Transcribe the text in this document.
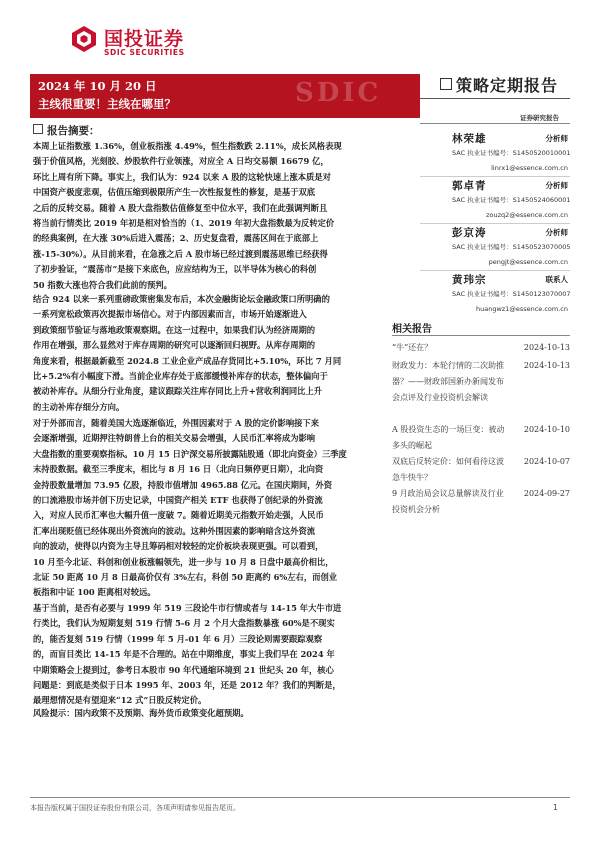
国投证券
SDIC SECURITIES
2024 年 10 月 20 日
主线很重要！主线在哪里？	SDIC	策略定期报告
证券研究报告
报告摘要：
本周上证指数涨 1.36%，创业板指涨 4.49%，恒生指数跌 2.11%，成长风格表现
强于价值风格，光刻胶、炒股软件行业领涨，对应全 A 日均交易额 16679 亿，
环比上周有所下降。事实上，我们认为：924 以来 A 股的这轮快速上涨本质是对
中国资产极度悲观，估值压缩到极限所产生一次性报复性的修复，是基于双底
之后的反转交易。随着 A 股大盘指数估值修复至中位水平，我们在此强调判断且
将当前行情类比 2019 年初是相对恰当的（1、2019 年初大盘指数最为反转定价
的经典案例，在大涨 30%后进入震荡；2、历史复盘看，震荡区间在于底部上
涨-15-30%）。从目前来看，在急涨之后 A 股市场已经过渡到震荡思维已经获得
了初步验证，“震荡市”是接下来底色，应应结构为王，以半导体为核心的科创
50 指数大涨也符合我们此前的预判。
结合 924 以来一系列重磅政策密集发布后，本次金融街论坛金融政策口所明确的
一系列宽松政策再次提振市场信心。对于内部因素而言，市场开始逐渐进入
到政策细节验证与落地政策观察期。在这一过程中，如果我们认为经济周期的
作用在增强，那么显然对于库存周期的研究可以逐渐回归视野。从库存周期的
角度来看，根据最新截至 2024.8 工业企业产成品存货同比+5.10%，环比 7 月同
比+5.2%有小幅度下滑。当前企业库存处于底部缓慢补库存的状态，整体偏向于
被动补库存。从细分行业角度，建议跟踪关注库存同比上升+营收利润同比上升
的主动补库存细分方向。
对于外部而言，随着美国大选逐渐临近，外围因素对于 A 股的定价影响接下来
会逐渐增强，近期押注特朗普上台的相关交易会增强，人民币汇率将成为影响
大盘指数的重要观察指标。10 月 15 日沪深交易所披露陆股通（即北向资金）三季度
末持股数据。截至三季度末，相比与 8 月 16 日（北向日频停更日期），北向资
金持股数量增加 73.95 亿股，持股市值增加 4965.88 亿元。在国庆期间，外资
的口流港股市场并创下历史记录，中国资产相关 ETF 也获得了创纪录的外资流
入，对应人民币汇率也大幅升值一度破 7。随着近期美元指数开始走强，人民币
汇率出现贬值已经体现出外资流向的波动。这种外围因素的影响暗含这外资流
向的波动，使得以内资为主导且筹码相对较轻的定价板块表现更强。可以看到，
10 月至今北证、科创和创业板涨幅领先，进一步与 10 月 8 日盘中最高价相比，
北证 50 距离 10 月 8 日最高价仅有 3%左右，科创 50 距离约 6%左右，而创业
板指和中证 100 距离相对较远。
基于当前，是否有必要与 1999 年 519 三段论牛市行情或者与 14-15 年大牛市进
行类比，我们认为短期复刻 519 行情 5-6 月 2 个月大盘指数暴涨 60%是不现实
的，能否复刻 519 行情（1999 年 5 月-01 年 6 月）三段论则需要跟踪观察
的，而盲目类比 14-15 年是不合理的。站在中期维度，事实上我们早在 2024 年
中期策略会上提到过，参考日本股市 90 年代通缩环境到 21 世纪头 20 年，核心
问题是：到底是类似于日本 1995 年、2003 年，还是 2012 年？我们的判断是，
最理想情况是有望迎来“12 式”日股反转定价。
风险提示：国内政策不及预期、海外货币政策变化超预期。
林荣雄	分析师
SAC 执业证书编号：S1450520010001
linrx1@essence.com.cn
郭卓青	分析师
SAC 执业证书编号：S1450524060001
zouzq2@essence.com.cn
彭京涛	分析师
SAC 执业证书编号：S1450523070005
pengjt@essence.com.cn
黄玮宗	联系人
SAC 执业证书编号：S1450123070007
huangwz1@essence.com.cn
相关报告
“牛”还在？	2024-10-13
财政发力：本轮行情的二次助推器？——财政部国新办新闻发布会点评及行业投资机会解读
2024-10-13
A 股投资生态的一场巨变：被动多头的崛起
2024-10-10
双底后反转定价：如何看待这波急牛快牛？
2024-10-07
9 月政治局会议总量解读及行业投资机会分析
2024-09-27
本报告版权属于国投证券股份有限公司，各项声明请参见报告尾页。	1
